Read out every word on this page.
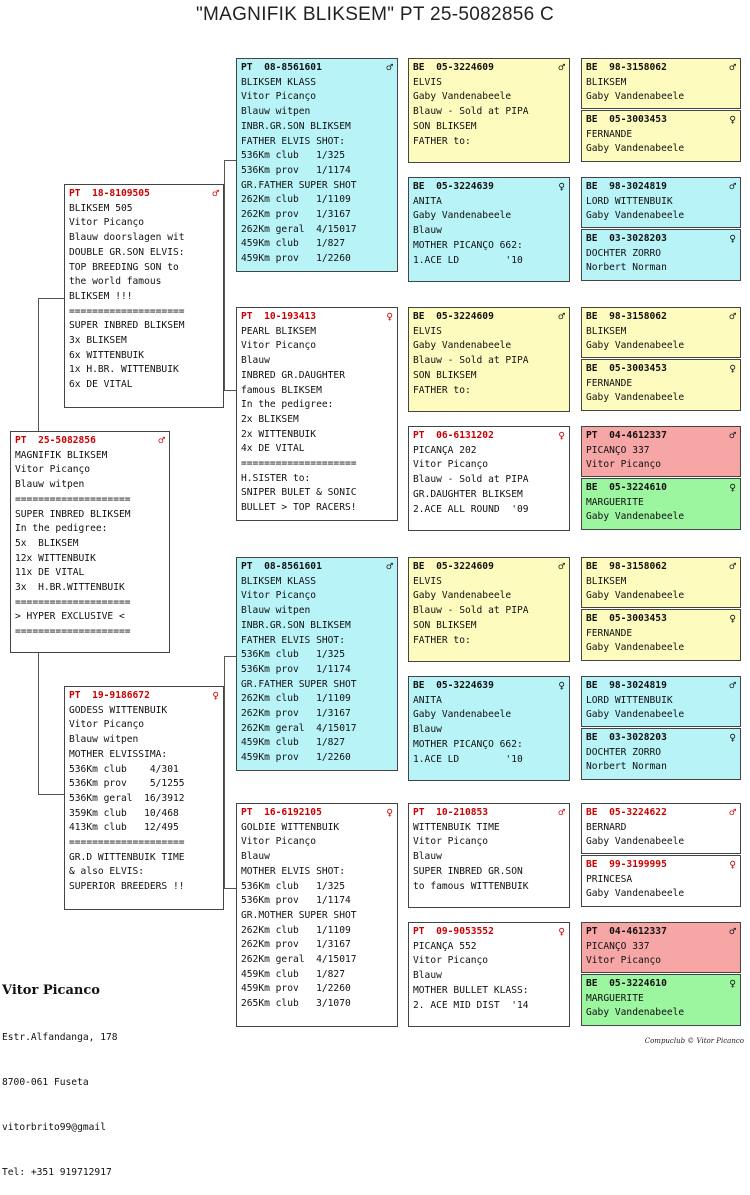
"MAGNIFIK BLIKSEM" PT 25-5082856 C
PT  25-5082856	♂
MAGNIFIK BLIKSEM
Vitor Picanço
Blauw witpen
====================
SUPER INBRED BLIKSEM
In the pedigree:
5x  BLIKSEM
12x WITTENBUIK
11x DE VITAL
3x  H.BR.WITTENBUIK
====================
> HYPER EXCLUSIVE <
====================
PT  18-8109505	♂
BLIKSEM 505
Vitor Picanço
Blauw doorslagen wit
DOUBLE GR.SON ELVIS:
TOP BREEDING SON to
the world famous
BLIKSEM !!!
====================
SUPER INBRED BLIKSEM
3x BLIKSEM
6x WITTENBUIK
1x H.BR. WITTENBUIK
6x DE VITAL
PT  19-9186672	♀
GODESS WITTENBUIK
Vitor Picanço
Blauw witpen
MOTHER ELVISSIMA:
536Km club    4/301
536Km prov    5/1255
536Km geral  16/3912
359Km club   10/468
413Km club   12/495
====================
GR.D WITTENBUIK TIME
& also ELVIS:
SUPERIOR BREEDERS !!
PT  08-8561601	♂
BLIKSEM KLASS
Vitor Picanço
Blauw witpen
INBR.GR.SON BLIKSEM
FATHER ELVIS SHOT:
536Km club   1/325
536Km prov   1/1174
GR.FATHER SUPER SHOT
262Km club   1/1109
262Km prov   1/3167
262Km geral  4/15017
459Km club   1/827
459Km prov   1/2260
PT  10-193413	♀
PEARL BLIKSEM
Vitor Picanço
Blauw
INBRED GR.DAUGHTER
famous BLIKSEM
In the pedigree:
2x BLIKSEM
2x WITTENBUIK
4x DE VITAL
====================
H.SISTER to:
SNIPER BULET & SONIC
BULLET > TOP RACERS!
PT  08-8561601	♂
BLIKSEM KLASS
Vitor Picanço
Blauw witpen
INBR.GR.SON BLIKSEM
FATHER ELVIS SHOT:
536Km club   1/325
536Km prov   1/1174
GR.FATHER SUPER SHOT
262Km club   1/1109
262Km prov   1/3167
262Km geral  4/15017
459Km club   1/827
459Km prov   1/2260
PT  16-6192105	♀
GOLDIE WITTENBUIK
Vitor Picanço
Blauw
MOTHER ELVIS SHOT:
536Km club   1/325
536Km prov   1/1174
GR.MOTHER SUPER SHOT
262Km club   1/1109
262Km prov   1/3167
262Km geral  4/15017
459Km club   1/827
459Km prov   1/2260
265Km club   3/1070
BE  05-3224609	♂
ELVIS
Gaby Vandenabeele
Blauw - Sold at PIPA
SON BLIKSEM
FATHER to:
BE  05-3224639	♀
ANITA
Gaby Vandenabeele
Blauw
MOTHER PICANÇO 662:
1.ACE LD        '10
BE  05-3224609	♂
ELVIS
Gaby Vandenabeele
Blauw - Sold at PIPA
SON BLIKSEM
FATHER to:
PT  06-6131202	♀
PICANÇA 202
Vitor Picanço
Blauw - Sold at PIPA
GR.DAUGHTER BLIKSEM
2.ACE ALL ROUND  '09
BE  05-3224609	♂
ELVIS
Gaby Vandenabeele
Blauw - Sold at PIPA
SON BLIKSEM
FATHER to:
BE  05-3224639	♀
ANITA
Gaby Vandenabeele
Blauw
MOTHER PICANÇO 662:
1.ACE LD        '10
PT  10-210853	♂
WITTENBUIK TIME
Vitor Picanço
Blauw
SUPER INBRED GR.SON
to famous WITTENBUIK
PT  09-9053552	♀
PICANÇA 552
Vitor Picanço
Blauw
MOTHER BULLET KLASS:
2. ACE MID DIST  '14
BE  98-3158062	♂
BLIKSEM
Gaby Vandenabeele
BE  05-3003453	♀
FERNANDE
Gaby Vandenabeele
BE  98-3024819	♂
LORD WITTENBUIK
Gaby Vandenabeele
BE  03-3028203	♀
DOCHTER ZORRO
Norbert Norman
BE  98-3158062	♂
BLIKSEM
Gaby Vandenabeele
BE  05-3003453	♀
FERNANDE
Gaby Vandenabeele
PT  04-4612337	♂
PICANÇO 337
Vitor Picanço
BE  05-3224610	♀
MARGUERITE
Gaby Vandenabeele
BE  98-3158062	♂
BLIKSEM
Gaby Vandenabeele
BE  05-3003453	♀
FERNANDE
Gaby Vandenabeele
BE  98-3024819	♂
LORD WITTENBUIK
Gaby Vandenabeele
BE  03-3028203	♀
DOCHTER ZORRO
Norbert Norman
BE  05-3224622	♂
BERNARD
Gaby Vandenabeele
BE  99-3199995	♀
PRINCESA
Gaby Vandenabeele
PT  04-4612337	♂
PICANÇO 337
Vitor Picanço
BE  05-3224610	♀
MARGUERITE
Gaby Vandenabeele

Vitor Picanco

Estr.Alfandanga, 178

8700-061 Fuseta

vitorbrito99@gmail

Tel: +351 919712917

Compuclub © Vitor Picanco
